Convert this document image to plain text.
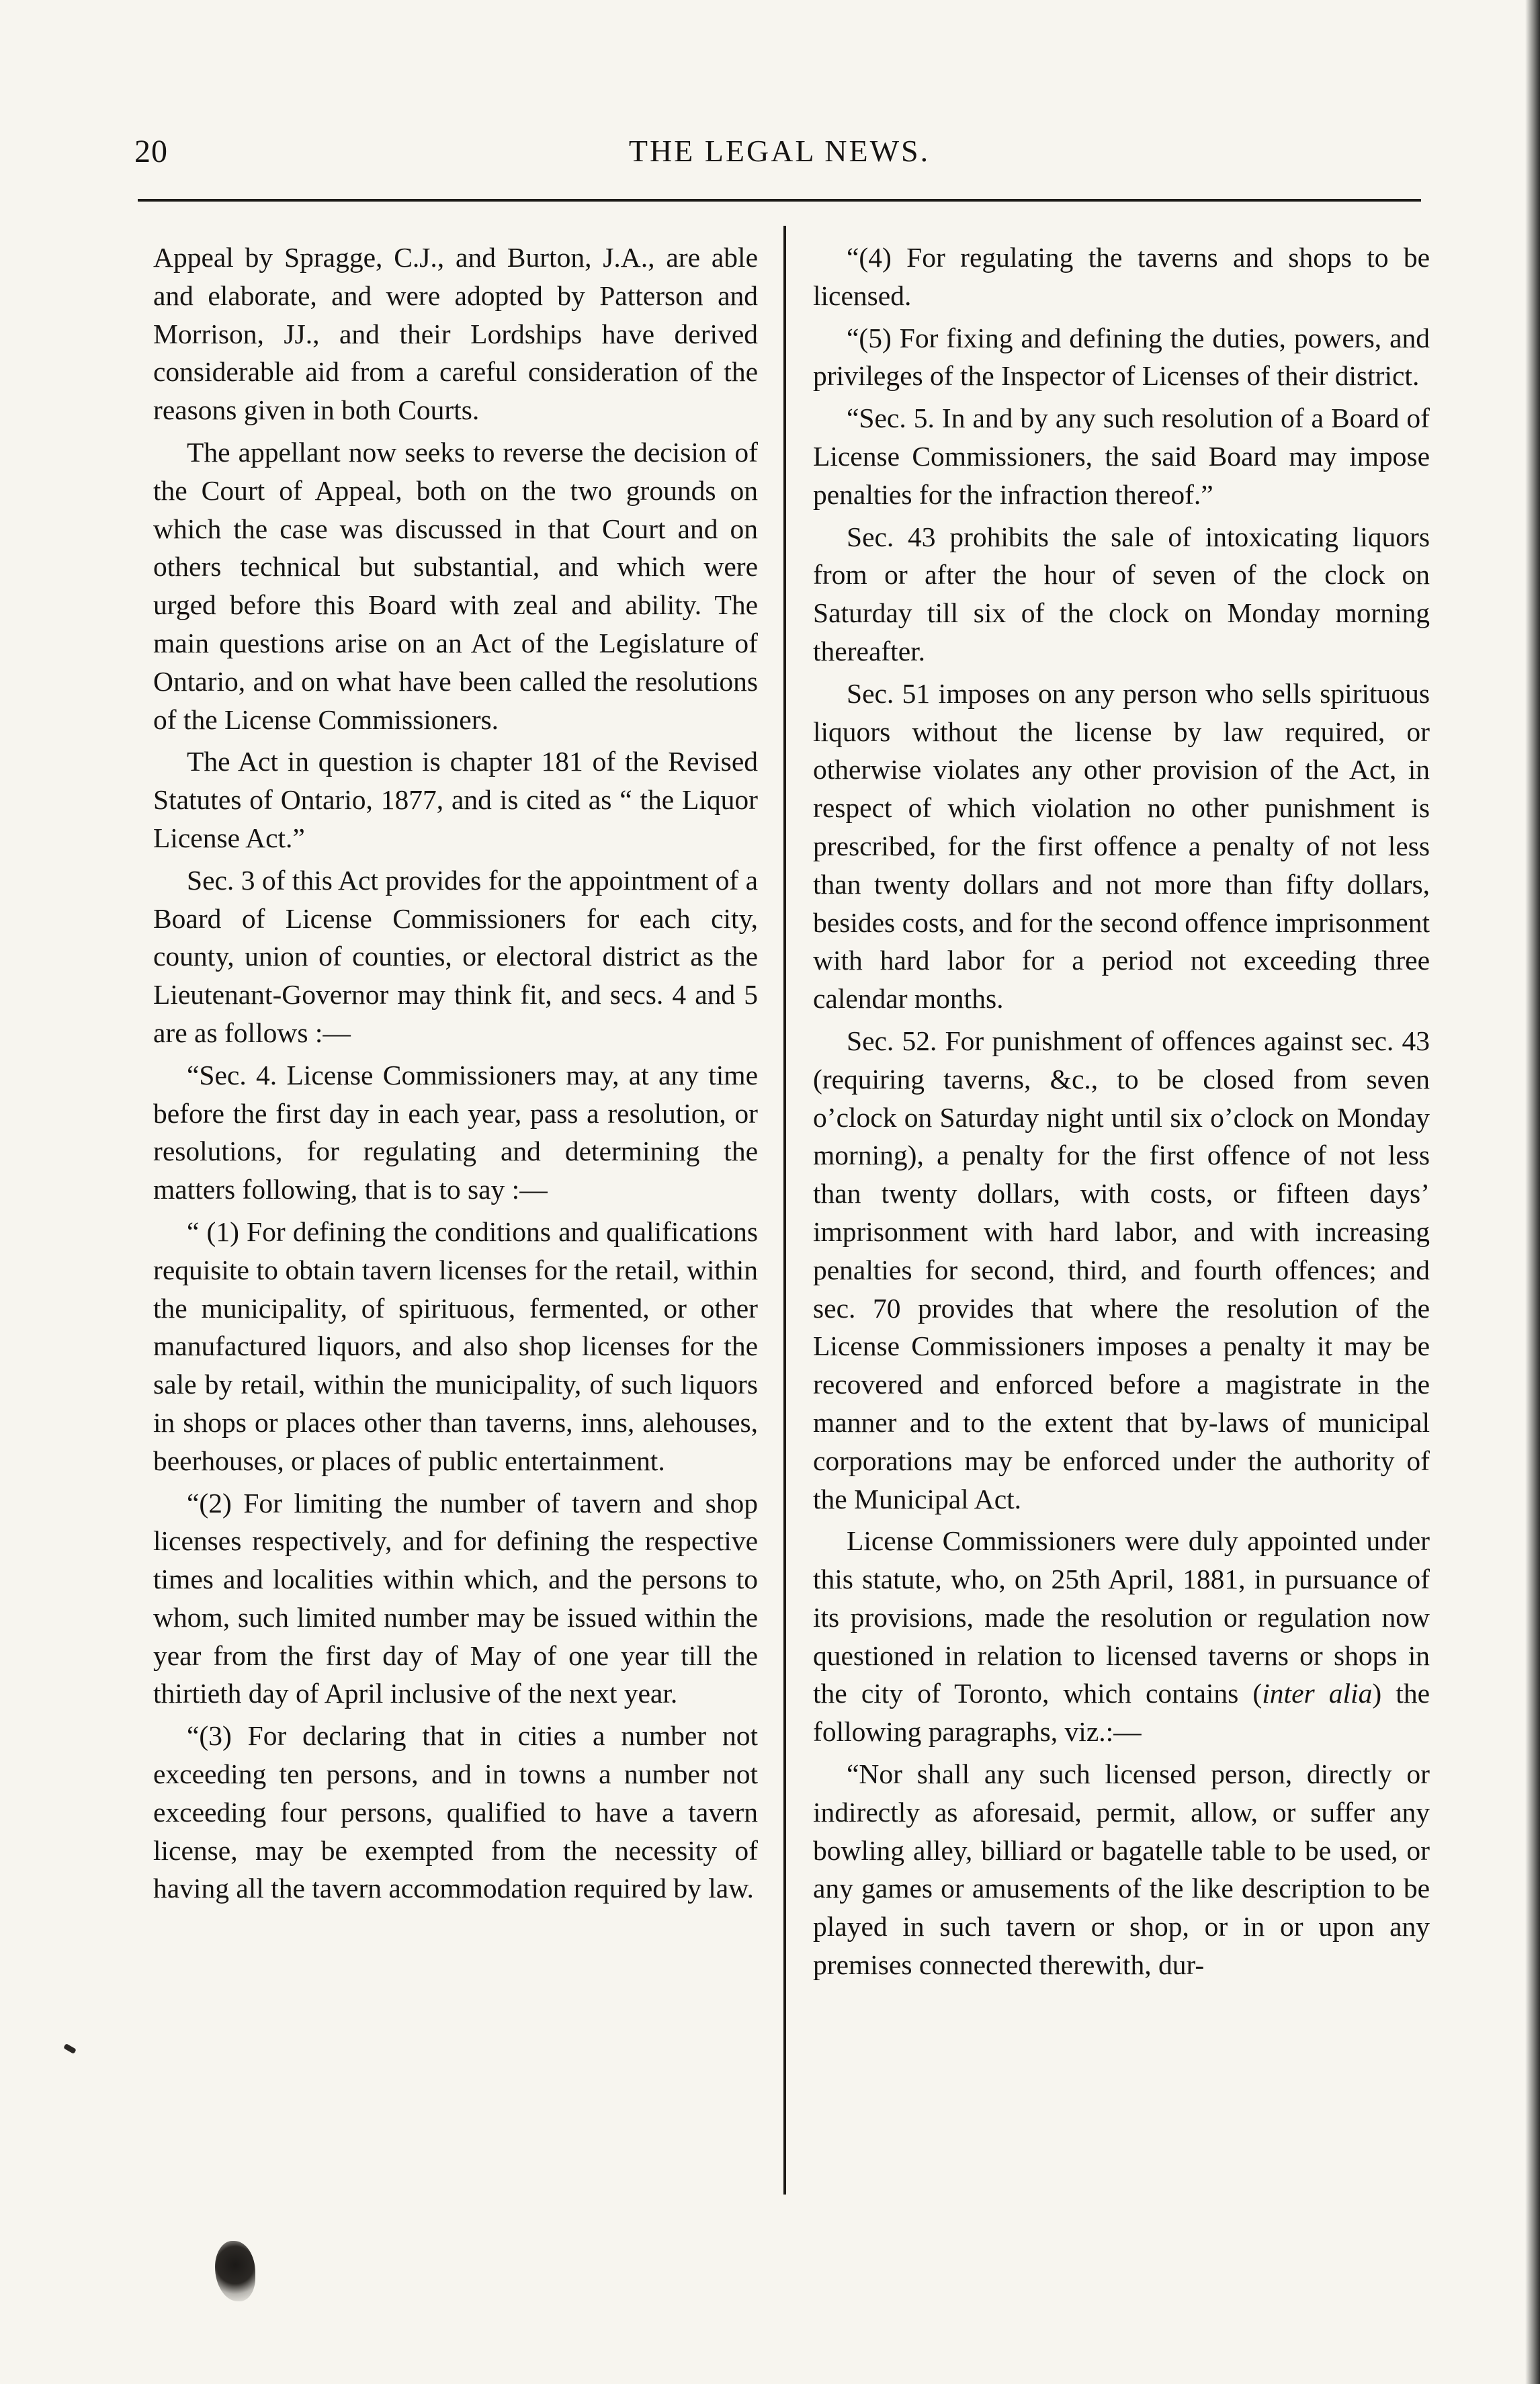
20	THE LEGAL NEWS.

Appeal by Spragge, C.J., and Burton, J.A., are able and elaborate, and were adopted by Patterson and Morrison, JJ., and their Lordships have derived considerable aid from a careful consideration of the reasons given in both Courts.

The appellant now seeks to reverse the decision of the Court of Appeal, both on the two grounds on which the case was discussed in that Court and on others technical but substantial, and which were urged before this Board with zeal and ability. The main questions arise on an Act of the Legislature of Ontario, and on what have been called the resolutions of the License Commissioners.

The Act in question is chapter 181 of the Revised Statutes of Ontario, 1877, and is cited as “ the Liquor License Act.”

Sec. 3 of this Act provides for the appointment of a Board of License Commissioners for each city, county, union of counties, or electoral district as the Lieutenant-Governor may think fit, and secs. 4 and 5 are as follows :—

“Sec. 4. License Commissioners may, at any time before the first day in each year, pass a resolution, or resolutions, for regulating and determining the matters following, that is to say :—

“ (1) For defining the conditions and qualifications requisite to obtain tavern licenses for the retail, within the municipality, of spirituous, fermented, or other manufactured liquors, and also shop licenses for the sale by retail, within the municipality, of such liquors in shops or places other than taverns, inns, alehouses, beerhouses, or places of public entertainment.

“(2) For limiting the number of tavern and shop licenses respectively, and for defining the respective times and localities within which, and the persons to whom, such limited number may be issued within the year from the first day of May of one year till the thirtieth day of April inclusive of the next year.

“(3) For declaring that in cities a number not exceeding ten persons, and in towns a number not exceeding four persons, qualified to have a tavern license, may be exempted from the necessity of having all the tavern accommodation required by law.

“(4) For regulating the taverns and shops to be licensed.

“(5) For fixing and defining the duties, powers, and privileges of the Inspector of Licenses of their district.

“Sec. 5. In and by any such resolution of a Board of License Commissioners, the said Board may impose penalties for the infraction thereof.”

Sec. 43 prohibits the sale of intoxicating liquors from or after the hour of seven of the clock on Saturday till six of the clock on Monday morning thereafter.

Sec. 51 imposes on any person who sells spirituous liquors without the license by law required, or otherwise violates any other provision of the Act, in respect of which violation no other punishment is prescribed, for the first offence a penalty of not less than twenty dollars and not more than fifty dollars, besides costs, and for the second offence imprisonment with hard labor for a period not exceeding three calendar months.

Sec. 52. For punishment of offences against sec. 43 (requiring taverns, &c., to be closed from seven o’clock on Saturday night until six o’clock on Monday morning), a penalty for the first offence of not less than twenty dollars, with costs, or fifteen days’ imprisonment with hard labor, and with increasing penalties for second, third, and fourth offences; and sec. 70 provides that where the resolution of the License Commissioners imposes a penalty it may be recovered and enforced before a magistrate in the manner and to the extent that by-laws of municipal corporations may be enforced under the authority of the Municipal Act.

License Commissioners were duly appointed under this statute, who, on 25th April, 1881, in pursuance of its provisions, made the resolution or regulation now questioned in relation to licensed taverns or shops in the city of Toronto, which contains (inter alia) the following paragraphs, viz.:—

“Nor shall any such licensed person, directly or indirectly as aforesaid, permit, allow, or suffer any bowling alley, billiard or bagatelle table to be used, or any games or amusements of the like description to be played in such tavern or shop, or in or upon any premises connected therewith, dur-
